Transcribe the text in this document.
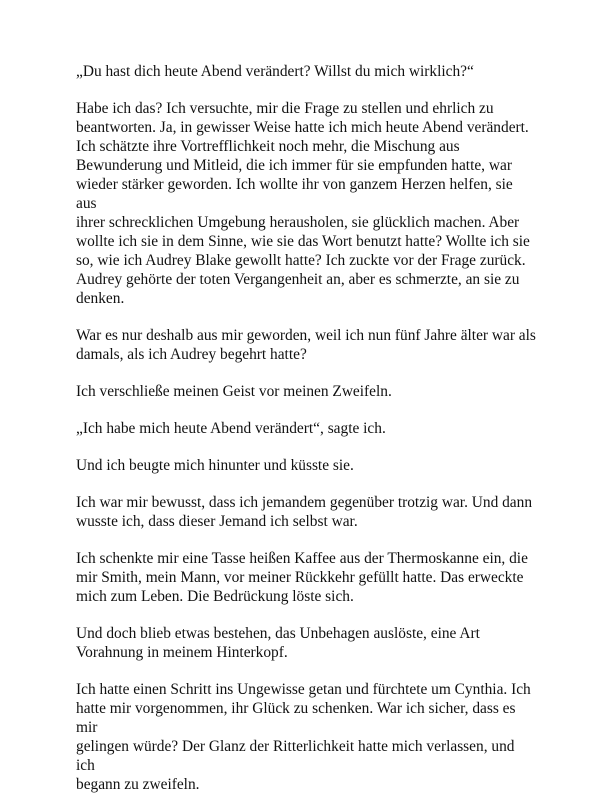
„Du hast dich heute Abend verändert? Willst du mich wirklich?“

Habe ich das? Ich versuchte, mir die Frage zu stellen und ehrlich zu
beantworten. Ja, in gewisser Weise hatte ich mich heute Abend verändert.
Ich schätzte ihre Vortrefflichkeit noch mehr, die Mischung aus
Bewunderung und Mitleid, die ich immer für sie empfunden hatte, war
wieder stärker geworden. Ich wollte ihr von ganzem Herzen helfen, sie aus
ihrer schrecklichen Umgebung herausholen, sie glücklich machen. Aber
wollte ich sie in dem Sinne, wie sie das Wort benutzt hatte? Wollte ich sie
so, wie ich Audrey Blake gewollt hatte? Ich zuckte vor der Frage zurück.
Audrey gehörte der toten Vergangenheit an, aber es schmerzte, an sie zu
denken.

War es nur deshalb aus mir geworden, weil ich nun fünf Jahre älter war als
damals, als ich Audrey begehrt hatte?

Ich verschließe meinen Geist vor meinen Zweifeln.

„Ich habe mich heute Abend verändert“, sagte ich.

Und ich beugte mich hinunter und küsste sie.

Ich war mir bewusst, dass ich jemandem gegenüber trotzig war. Und dann
wusste ich, dass dieser Jemand ich selbst war.

Ich schenkte mir eine Tasse heißen Kaffee aus der Thermoskanne ein, die
mir Smith, mein Mann, vor meiner Rückkehr gefüllt hatte. Das erweckte
mich zum Leben. Die Bedrückung löste sich.

Und doch blieb etwas bestehen, das Unbehagen auslöste, eine Art
Vorahnung in meinem Hinterkopf.

Ich hatte einen Schritt ins Ungewisse getan und fürchtete um Cynthia. Ich
hatte mir vorgenommen, ihr Glück zu schenken. War ich sicher, dass es mir
gelingen würde? Der Glanz der Ritterlichkeit hatte mich verlassen, und ich
begann zu zweifeln.
